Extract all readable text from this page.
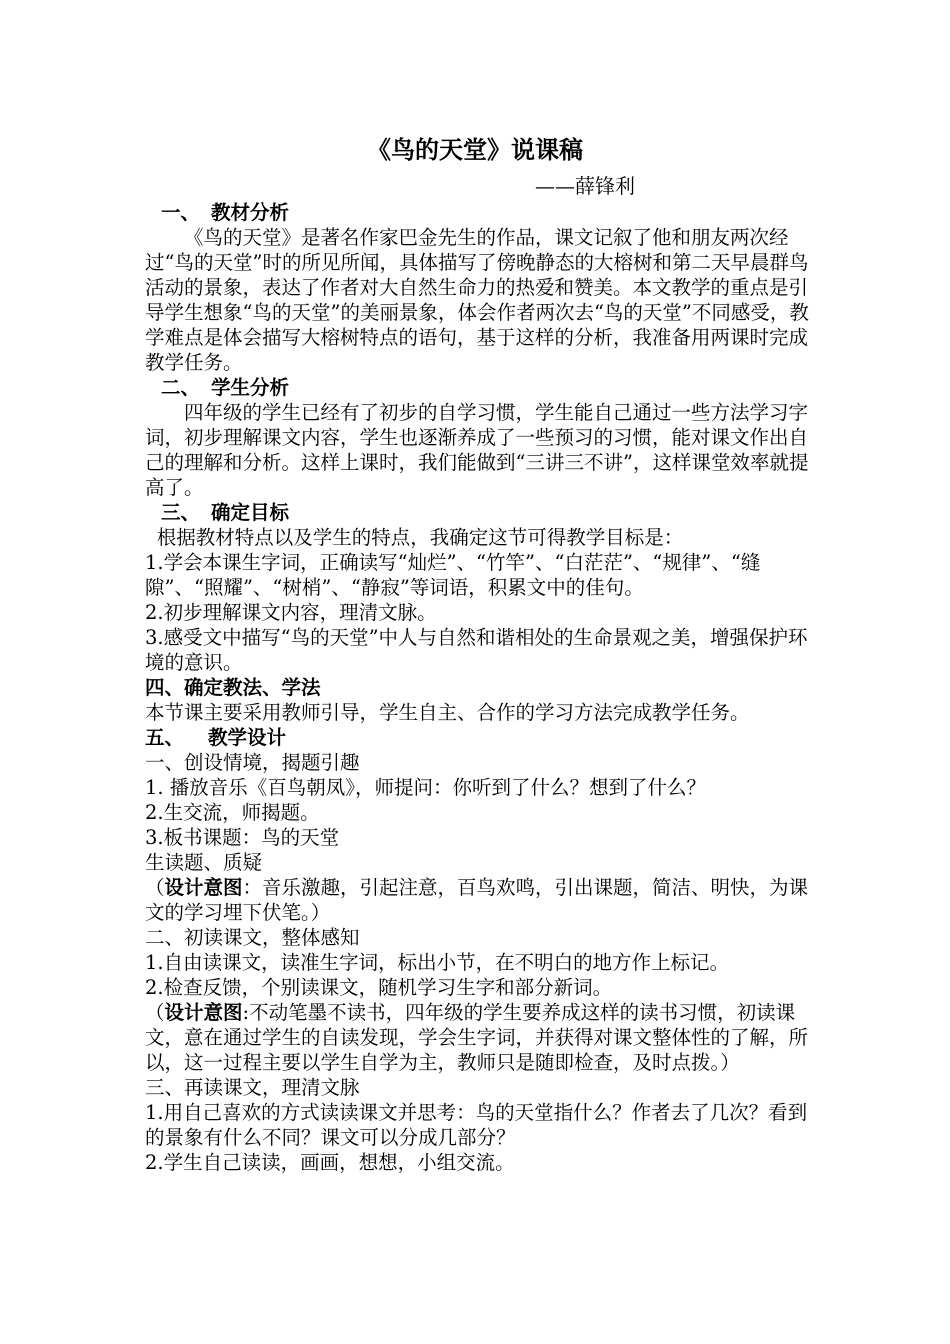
《鸟的天堂》说课稿
——薛锋利

一、 教材分析

《鸟的天堂》是著名作家巴金先生的作品，课文记叙了他和朋友两次经过“鸟的天堂”时的所见所闻，具体描写了傍晚静态的大榕树和第二天早晨群鸟活动的景象，表达了作者对大自然生命力的热爱和赞美。本文教学的重点是引导学生想象“鸟的天堂”的美丽景象，体会作者两次去“鸟的天堂”不同感受，教学难点是体会描写大榕树特点的语句，基于这样的分析，我准备用两课时完成教学任务。

二、 学生分析

四年级的学生已经有了初步的自学习惯，学生能自己通过一些方法学习字词，初步理解课文内容，学生也逐渐养成了一些预习的习惯，能对课文作出自己的理解和分析。这样上课时，我们能做到“三讲三不讲”，这样课堂效率就提高了。

三、 确定目标

根据教材特点以及学生的特点，我确定这节可得教学目标是：

1.学会本课生字词，正确读写“灿烂”、“竹竿”、“白茫茫”、“规律”、“缝隙”、“照耀”、“树梢”、“静寂”等词语，积累文中的佳句。

2.初步理解课文内容，理清文脉。

3.感受文中描写“鸟的天堂”中人与自然和谐相处的生命景观之美，增强保护环境的意识。

四、确定教法、学法

本节课主要采用教师引导，学生自主、合作的学习方法完成教学任务。

五、 教学设计

一、创设情境，揭题引趣

1. 播放音乐《百鸟朝凤》，师提问：你听到了什么？想到了什么？

2.生交流，师揭题。

3.板书课题：鸟的天堂

生读题、质疑

（设计意图：音乐激趣，引起注意，百鸟欢鸣，引出课题，简洁、明快，为课文的学习埋下伏笔。）

二、初读课文，整体感知

1.自由读课文，读准生字词，标出小节，在不明白的地方作上标记。

2.检查反馈，个别读课文，随机学习生字和部分新词。

（设计意图:不动笔墨不读书，四年级的学生要养成这样的读书习惯，初读课文，意在通过学生的自读发现，学会生字词，并获得对课文整体性的了解，所以，这一过程主要以学生自学为主，教师只是随即检查，及时点拨。）

三、再读课文，理清文脉

1.用自己喜欢的方式读读课文并思考：鸟的天堂指什么？作者去了几次？看到的景象有什么不同？课文可以分成几部分？

2.学生自己读读，画画，想想，小组交流。
